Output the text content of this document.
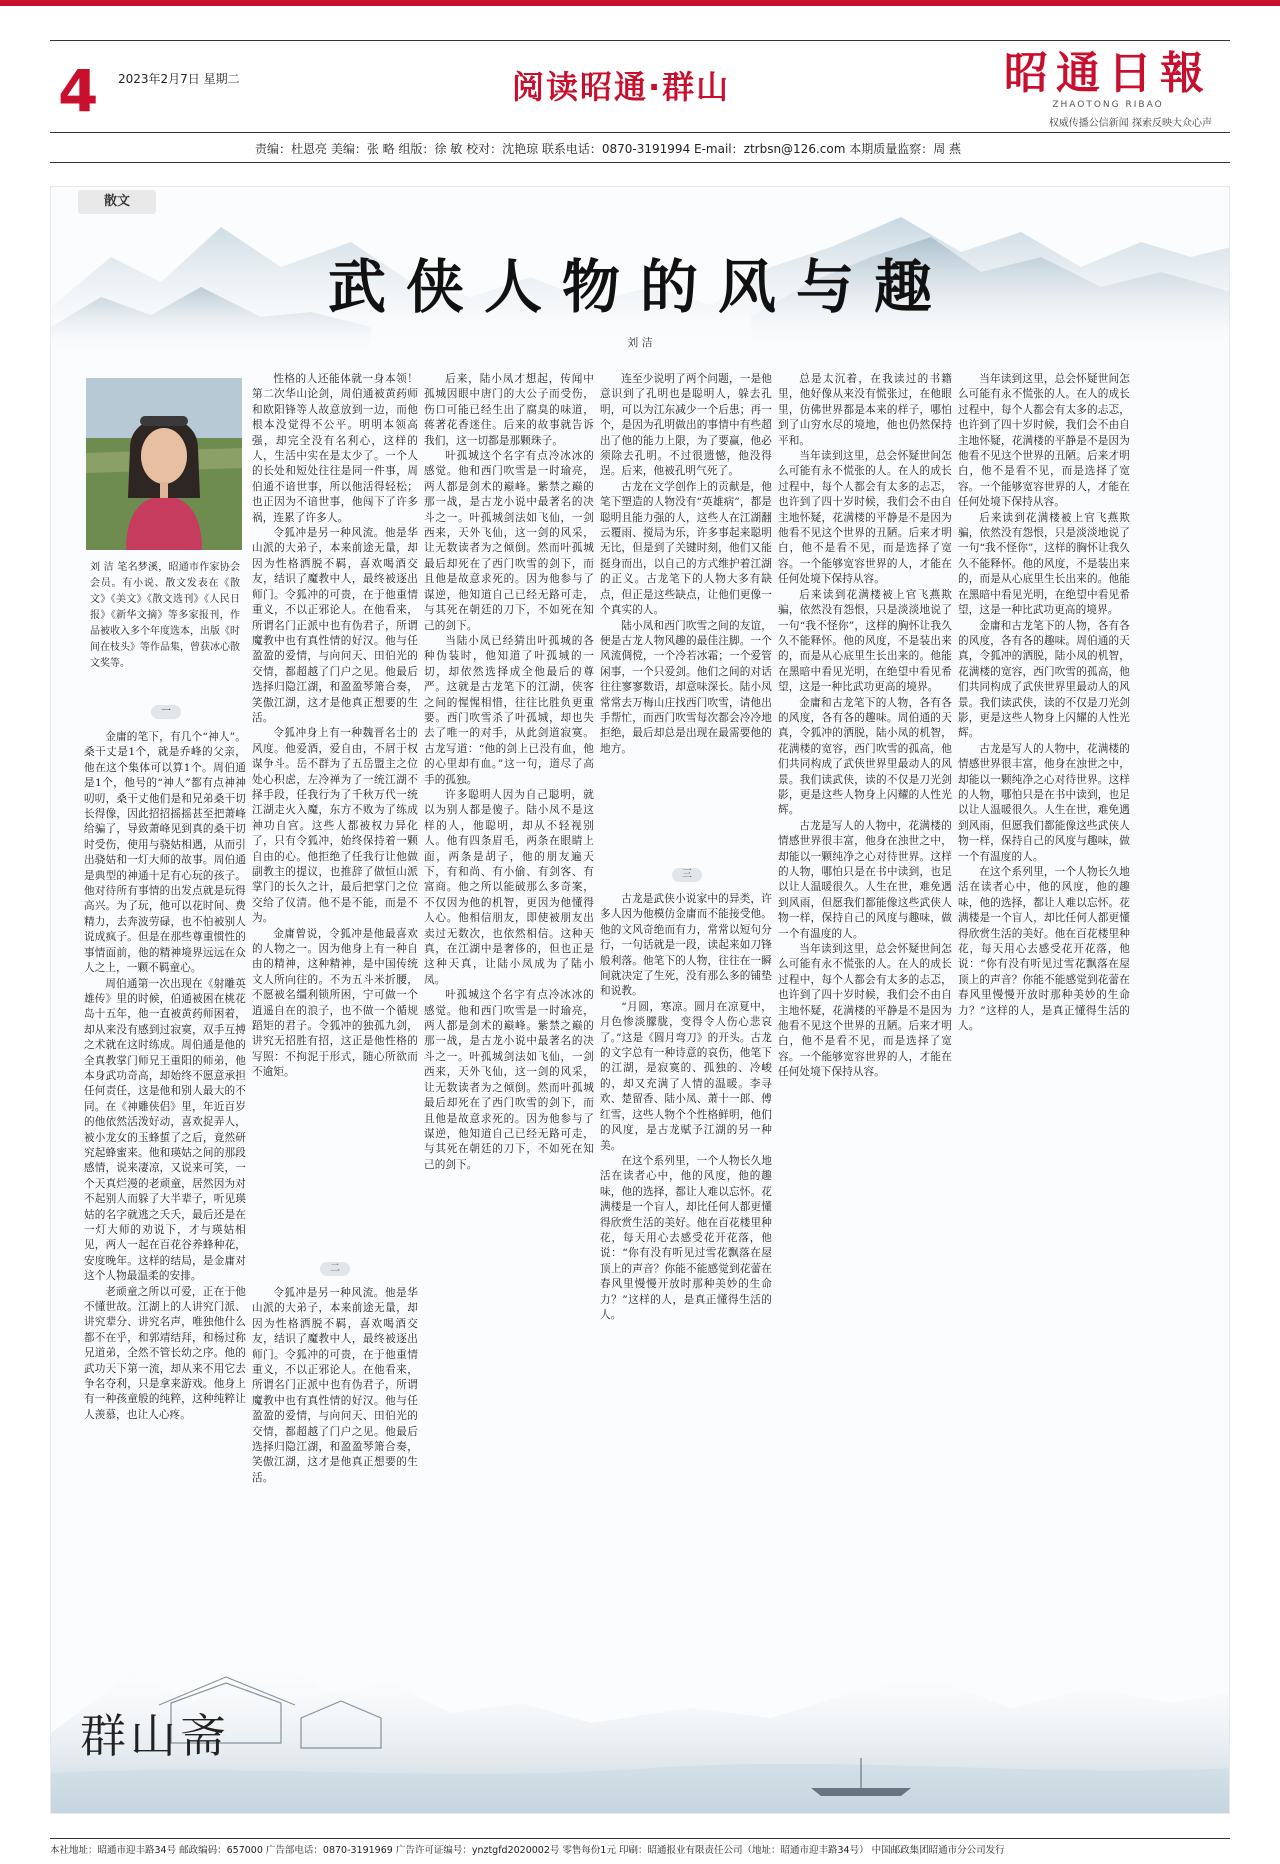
4 2023年2月7日 星期二	阅读昭通·群山	昭通日報
ZHAOTONG RIBAO
权威传播公信新闻 探索反映大众心声
责编：杜恩亮 美编：张 略 组版：徐 敏 校对：沈艳琼 联系电话：0870-3191994 E-mail：ztrbsn@126.com 本期质量监察：周 燕
散文
武侠人物的风与趣
刘 洁
刘 洁 笔名梦溪，昭通市作家协会会员。有小说、散文发表在《散文》《美文》《散文选刊》《人民日报》《新华文摘》等多家报刊，作品被收入多个年度选本，出版《时间在枝头》等作品集，曾获冰心散文奖等。
一

金庸的笔下，有几个“神人”。桑干丈是1个，就是乔峰的父亲，他在这个集体可以算1个。周伯通是1个，他号的“神人”都有点神神叨叨，桑干丈他们是和兄弟桑干切长得像，因此招招摇摇甚至把萧峰给骗了，导致萧峰见到真的桑干切时受伤，使用与骁姑相遇，从而引出骁姑和一灯大师的故事。周伯通是典型的神通十足有心玩的孩子。他对待所有事情的出发点就是玩得高兴。为了玩，他可以花时间、费精力，去奔波劳碌，也不怕被别人说成疯子。但是在那些尊重惯性的事情面前，他的精神境界远远在众人之上，一颗不羁童心。

周伯通第一次出现在《射雕英雄传》里的时候，伯通被困在桃花岛十五年，他一直被黄药师困着，却从来没有感到过寂寞，双手互搏之术就在这时练成。周伯通是他的全真教掌门师兄王重阳的师弟，他本身武功奇高，却始终不愿意承担任何责任，这是他和别人最大的不同。在《神雕侠侣》里，年近百岁的他依然活泼好动，喜欢捉弄人，被小龙女的玉蜂蜇了之后，竟然研究起蜂蜜来。他和瑛姑之间的那段感情，说来凄凉，又说来可笑，一个天真烂漫的老顽童，居然因为对不起别人而躲了大半辈子，听见瑛姑的名字就逃之夭夭，最后还是在一灯大师的劝说下，才与瑛姑相见，两人一起在百花谷养蜂种花，安度晚年。这样的结局，是金庸对这个人物最温柔的安排。

老顽童之所以可爱，正在于他不懂世故。江湖上的人讲究门派、讲究辈分、讲究名声，唯独他什么都不在乎，和郭靖结拜，和杨过称兄道弟，全然不管长幼之序。他的武功天下第一流，却从来不用它去争名夺利，只是拿来游戏。他身上有一种孩童般的纯粹，这种纯粹让人羡慕，也让人心疼。

性格的人还能体就一身本领！第二次华山论剑，周伯通被黄药师和欧阳锋等人故意放到一边，而他根本没觉得不公平。明明本领高强，却完全没有名利心，这样的人，生活中实在是太少了。一个人的长处和短处往往是同一件事，周伯通不谙世事，所以他活得轻松；也正因为不谙世事，他闯下了许多祸，连累了许多人。

令狐冲是另一种风流。他是华山派的大弟子，本来前途无量，却因为性格洒脱不羁，喜欢喝酒交友，结识了魔教中人，最终被逐出师门。令狐冲的可贵，在于他重情重义，不以正邪论人。在他看来，所谓名门正派中也有伪君子，所谓魔教中也有真性情的好汉。他与任盈盈的爱情，与向问天、田伯光的交情，都超越了门户之见。他最后选择归隐江湖，和盈盈琴箫合奏，笑傲江湖，这才是他真正想要的生活。

令狐冲身上有一种魏晋名士的风度。他爱酒，爱自由，不屑于权谋争斗。岳不群为了五岳盟主之位处心积虑，左冷禅为了一统江湖不择手段，任我行为了千秋万代一统江湖走火入魔，东方不败为了练成神功自宫。这些人都被权力异化了，只有令狐冲，始终保持着一颗自由的心。他拒绝了任我行让他做副教主的提议，也推辞了做恒山派掌门的长久之计，最后把掌门之位交给了仪清。他不是不能，而是不为。

金庸曾说，令狐冲是他最喜欢的人物之一。因为他身上有一种自由的精神，这种精神，是中国传统文人所向往的。不为五斗米折腰，不愿被名缰利锁所困，宁可做一个逍遥自在的浪子，也不做一个循规蹈矩的君子。令狐冲的独孤九剑，讲究无招胜有招，这正是他性格的写照：不拘泥于形式，随心所欲而不逾矩。

二

令狐冲是另一种风流。他是华山派的大弟子，本来前途无量，却因为性格洒脱不羁，喜欢喝酒交友，结识了魔教中人，最终被逐出师门。令狐冲的可贵，在于他重情重义，不以正邪论人。在他看来，所谓名门正派中也有伪君子，所谓魔教中也有真性情的好汉。他与任盈盈的爱情，与向问天、田伯光的交情，都超越了门户之见。他最后选择归隐江湖，和盈盈琴箫合奏，笑傲江湖，这才是他真正想要的生活。

后来，陆小凤才想起，传闻中孤城因眼中唐门的大公子而受伤，伤口可能已经生出了腐臭的味道，蒋著花香迷住。后来的故事就告诉我们，这一切都是那颗珠子。

叶孤城这个名字有点冷冰冰的感觉。他和西门吹雪是一时瑜亮，两人都是剑术的巅峰。紫禁之巅的那一战，是古龙小说中最著名的决斗之一。叶孤城剑法如飞仙，一剑西来，天外飞仙，这一剑的风采，让无数读者为之倾倒。然而叶孤城最后却死在了西门吹雪的剑下，而且他是故意求死的。因为他参与了谋逆，他知道自己已经无路可走，与其死在朝廷的刀下，不如死在知己的剑下。

当陆小凤已经猜出叶孤城的各种伪装时，他知道了叶孤城的一切，却依然选择成全他最后的尊严。这就是古龙笔下的江湖，侠客之间的惺惺相惜，往往比胜负更重要。西门吹雪杀了叶孤城，却也失去了唯一的对手，从此剑道寂寞。古龙写道：“他的剑上已没有血，他的心里却有血。”这一句，道尽了高手的孤独。

许多聪明人因为自己聪明，就以为别人都是傻子。陆小凤不是这样的人，他聪明，却从不轻视别人。他有四条眉毛，两条在眼睛上面，两条是胡子，他的朋友遍天下，有和尚、有小偷、有剑客、有富商。他之所以能破那么多奇案，不仅因为他的机智，更因为他懂得人心。他相信朋友，即使被朋友出卖过无数次，也依然相信。这种天真，在江湖中是奢侈的，但也正是这种天真，让陆小凤成为了陆小凤。

叶孤城这个名字有点冷冰冰的感觉。他和西门吹雪是一时瑜亮，两人都是剑术的巅峰。紫禁之巅的那一战，是古龙小说中最著名的决斗之一。叶孤城剑法如飞仙，一剑西来，天外飞仙，这一剑的风采，让无数读者为之倾倒。然而叶孤城最后却死在了西门吹雪的剑下，而且他是故意求死的。因为他参与了谋逆，他知道自己已经无路可走，与其死在朝廷的刀下，不如死在知己的剑下。

连至少说明了两个问题，一是他意识到了孔明也是聪明人，躲去孔明，可以为江东减少一个后患；再一个，是因为孔明做出的事情中有些超出了他的能力上限，为了要赢，他必须除去孔明。不过很遗憾，他没得逞。后来，他被孔明气死了。

古龙在文学创作上的贡献是，他笔下塑造的人物没有“英雄病”，都是聪明且能力强的人，这些人在江湖翻云覆雨、搅局为乐，许多事起来聪明无比，但是到了关键时刻，他们又能挺身而出，以自己的方式维护着江湖的正义。古龙笔下的人物大多有缺点，但正是这些缺点，让他们更像一个真实的人。

陆小凤和西门吹雪之间的友谊，便是古龙人物风趣的最佳注脚。一个风流倜傥，一个冷若冰霜；一个爱管闲事，一个只爱剑。他们之间的对话往往寥寥数语，却意味深长。陆小凤常常去万梅山庄找西门吹雪，请他出手帮忙，而西门吹雪每次都会冷冷地拒绝，最后却总是出现在最需要他的地方。

三

古龙是武侠小说家中的异类，许多人因为他模仿金庸而不能接受他。他的文风奇绝而有力，常常以短句分行，一句话就是一段，读起来如刀锋般利落。他笔下的人物，往往在一瞬间就决定了生死，没有那么多的铺垫和说教。

“月圆，寒凉。圆月在凉夏中，月色惨淡朦胧，变得令人伤心悲哀了。”这是《圆月弯刀》的开头。古龙的文字总有一种诗意的哀伤，他笔下的江湖，是寂寞的、孤独的、冷峻的，却又充满了人情的温暖。李寻欢、楚留香、陆小凤、萧十一郎、傅红雪，这些人物个个性格鲜明，他们的风度，是古龙赋予江湖的另一种美。

在这个系列里，一个人物长久地活在读者心中，他的风度，他的趣味，他的选择，都让人难以忘怀。花满楼是一个盲人，却比任何人都更懂得欣赏生活的美好。他在百花楼里种花，每天用心去感受花开花落，他说：“你有没有听见过雪花飘落在屋顶上的声音？你能不能感觉到花蕾在春风里慢慢开放时那种美妙的生命力？”这样的人，是真正懂得生活的人。

总是太沉着，在我读过的书籍里，他好像从来没有慌张过，在他眼里，仿佛世界都是本来的样子，哪怕到了山穷水尽的境地，他也仍然保持平和。

当年读到这里，总会怀疑世间怎么可能有永不慌张的人。在人的成长过程中，每个人都会有太多的忐忑，也许到了四十岁时候，我们会不由自主地怀疑，花满楼的平静是不是因为他看不见这个世界的丑陋。后来才明白，他不是看不见，而是选择了宽容。一个能够宽容世界的人，才能在任何处境下保持从容。

后来读到花满楼被上官飞燕欺骗，依然没有怨恨，只是淡淡地说了一句“我不怪你”，这样的胸怀让我久久不能释怀。他的风度，不是装出来的，而是从心底里生长出来的。他能在黑暗中看见光明，在绝望中看见希望，这是一种比武功更高的境界。

金庸和古龙笔下的人物，各有各的风度，各有各的趣味。周伯通的天真，令狐冲的洒脱，陆小凤的机智，花满楼的宽容，西门吹雪的孤高，他们共同构成了武侠世界里最动人的风景。我们读武侠，读的不仅是刀光剑影，更是这些人物身上闪耀的人性光辉。

古龙是写人的人物中，花满楼的情感世界很丰富，他身在浊世之中，却能以一颗纯净之心对待世界。这样的人物，哪怕只是在书中读到，也足以让人温暖很久。人生在世，难免遇到风雨，但愿我们都能像这些武侠人物一样，保持自己的风度与趣味，做一个有温度的人。

当年读到这里，总会怀疑世间怎么可能有永不慌张的人。在人的成长过程中，每个人都会有太多的忐忑，也许到了四十岁时候，我们会不由自主地怀疑，花满楼的平静是不是因为他看不见这个世界的丑陋。后来才明白，他不是看不见，而是选择了宽容。一个能够宽容世界的人，才能在任何处境下保持从容。

当年读到这里，总会怀疑世间怎么可能有永不慌张的人。在人的成长过程中，每个人都会有太多的忐忑，也许到了四十岁时候，我们会不由自主地怀疑，花满楼的平静是不是因为他看不见这个世界的丑陋。后来才明白，他不是看不见，而是选择了宽容。一个能够宽容世界的人，才能在任何处境下保持从容。

后来读到花满楼被上官飞燕欺骗，依然没有怨恨，只是淡淡地说了一句“我不怪你”，这样的胸怀让我久久不能释怀。他的风度，不是装出来的，而是从心底里生长出来的。他能在黑暗中看见光明，在绝望中看见希望，这是一种比武功更高的境界。

金庸和古龙笔下的人物，各有各的风度，各有各的趣味。周伯通的天真，令狐冲的洒脱，陆小凤的机智，花满楼的宽容，西门吹雪的孤高，他们共同构成了武侠世界里最动人的风景。我们读武侠，读的不仅是刀光剑影，更是这些人物身上闪耀的人性光辉。

古龙是写人的人物中，花满楼的情感世界很丰富，他身在浊世之中，却能以一颗纯净之心对待世界。这样的人物，哪怕只是在书中读到，也足以让人温暖很久。人生在世，难免遇到风雨，但愿我们都能像这些武侠人物一样，保持自己的风度与趣味，做一个有温度的人。

在这个系列里，一个人物长久地活在读者心中，他的风度，他的趣味，他的选择，都让人难以忘怀。花满楼是一个盲人，却比任何人都更懂得欣赏生活的美好。他在百花楼里种花，每天用心去感受花开花落，他说：“你有没有听见过雪花飘落在屋顶上的声音？你能不能感觉到花蕾在春风里慢慢开放时那种美妙的生命力？”这样的人，是真正懂得生活的人。

群山斋
本社地址：昭通市迎丰路34号 邮政编码：657000 广告部电话：0870-3191969 广告许可证编号：ynztgfd2020002号 零售每份1元 印刷：昭通报业有限责任公司（地址：昭通市迎丰路34号） 中国邮政集团昭通市分公司发行
